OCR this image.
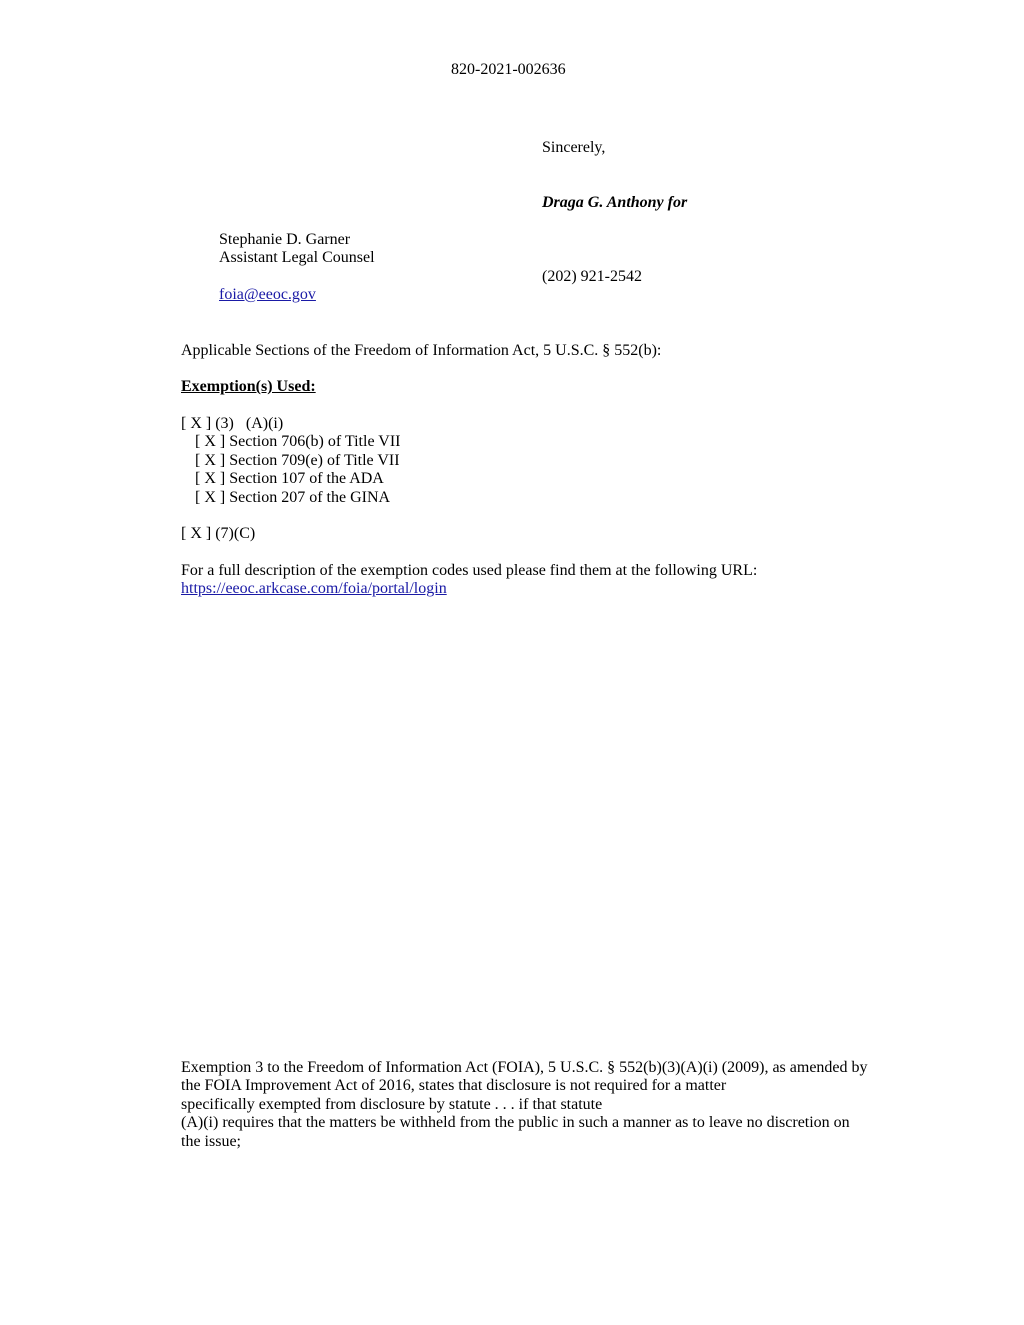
820-2021-002636
Sincerely,
Draga G. Anthony for
Stephanie D. Garner
Assistant Legal Counsel
(202) 921-2542
foia@eeoc.gov
Applicable Sections of the Freedom of Information Act, 5 U.S.C. § 552(b):
Exemption(s) Used:
[ X ] (3)   (A)(i)
[ X ] Section 706(b) of Title VII
[ X ] Section 709(e) of Title VII
[ X ] Section 107 of the ADA
[ X ] Section 207 of the GINA
[ X ] (7)(C)
For a full description of the exemption codes used please find them at the following URL:
https://eeoc.arkcase.com/foia/portal/login
Exemption 3 to the Freedom of Information Act (FOIA), 5 U.S.C. § 552(b)(3)(A)(i) (2009), as amended by
the FOIA Improvement Act of 2016, states that disclosure is not required for a matter
specifically exempted from disclosure by statute . . . if that statute
(A)(i) requires that the matters be withheld from the public in such a manner as to leave no discretion on
the issue;
